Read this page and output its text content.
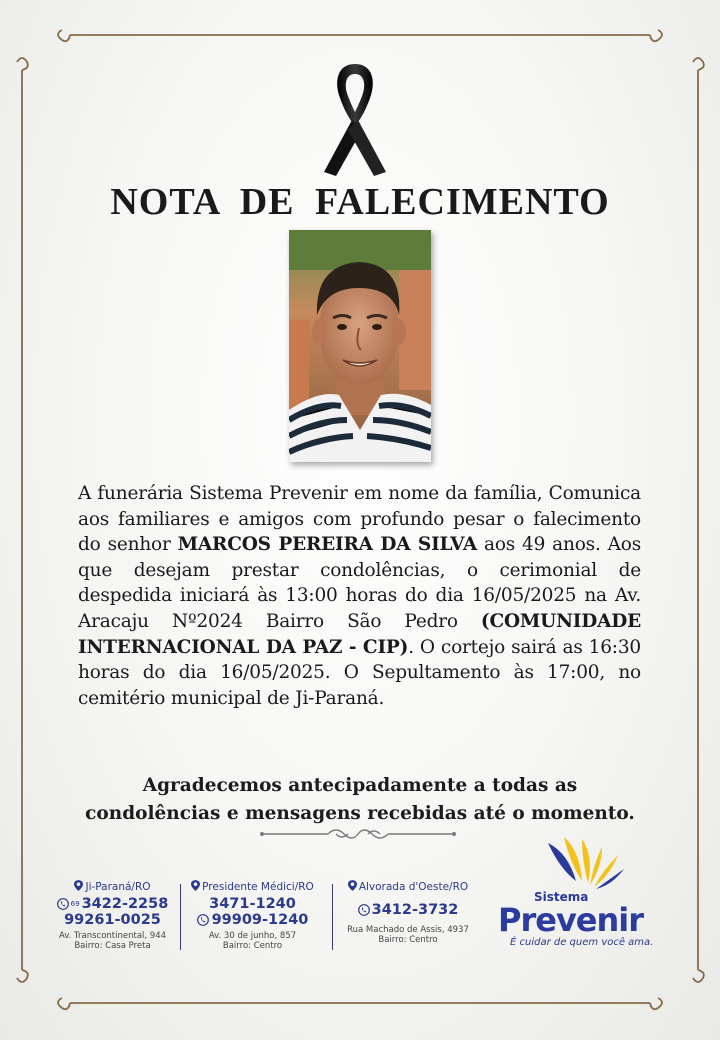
NOTA DE FALECIMENTO
A funerária Sistema Prevenir em nome da família, Comunica aos familiares e amigos com profundo pesar o falecimento do senhor MARCOS PEREIRA DA SILVA aos 49 anos. Aos que desejam prestar condolências, o cerimonial de despedida iniciará às 13:00 horas do dia 16/05/2025 na Av. Aracaju Nº2024 Bairro São Pedro (COMUNIDADE INTERNACIONAL DA PAZ - CIP). O cortejo sairá as 16:30 horas do dia 16/05/2025. O Sepultamento às 17:00, no cemitério municipal de Ji-Paraná.
Agradecemos antecipadamente a todas as
condolências e mensagens recebidas até o momento.
Ji-Paraná/RO
69 3422-2258
99261-0025
Av. Transcontinental, 944
Bairro: Casa Preta
Presidente Médici/RO
3471-1240
99909-1240
Av. 30 de junho, 857
Bairro: Centro
Alvorada d'Oeste/RO
3412-3732
Rua Machado de Assis, 4937
Bairro: Centro
Sistema
Prevenir
É cuidar de quem você ama.
